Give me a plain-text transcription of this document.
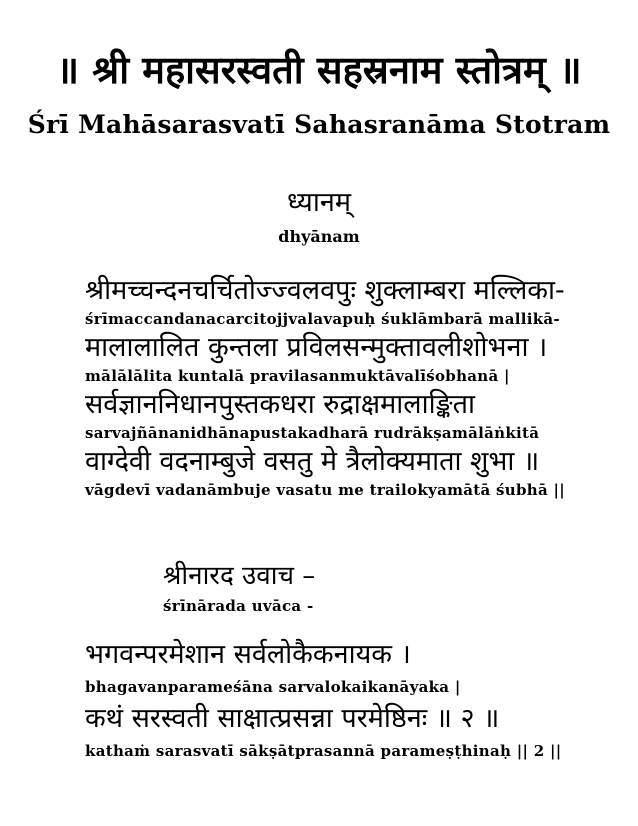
॥ श्री महासरस्वती सहस्रनाम स्तोत्रम् ॥
Śrī Mahāsarasvatī Sahasranāma Stotram
ध्यानम्
dhyānam

श्रीमच्चन्दनचर्चितोज्ज्वलवपुः शुक्लाम्बरा मल्लिका-

śrīmaccandanacarcitojjvalavapuḥ śuklāmbarā mallikā-

मालालालित कुन्तला प्रविलसन्मुक्तावलीशोभना ।

mālālālita kuntalā pravilasanmuktāvalīśobhanā |

सर्वज्ञाननिधानपुस्तकधरा रुद्राक्षमालाङ्किता

sarvajñānanidhānapustakadharā rudrākṣamālāṅkitā

वाग्देवी वदनाम्बुजे वसतु मे त्रैलोक्यमाता शुभा ॥

vāgdevī vadanāmbuje vasatu me trailokyamātā śubhā ||

श्रीनारद उवाच –

śrīnārada uvāca -

भगवन्परमेशान सर्वलोकैकनायक ।

bhagavanparameśāna sarvalokaikanāyaka |

कथं सरस्वती साक्षात्प्रसन्ना परमेष्ठिनः ॥ २ ॥

kathaṁ sarasvatī sākṣātprasannā parameṣṭhinaḥ || 2 ||
